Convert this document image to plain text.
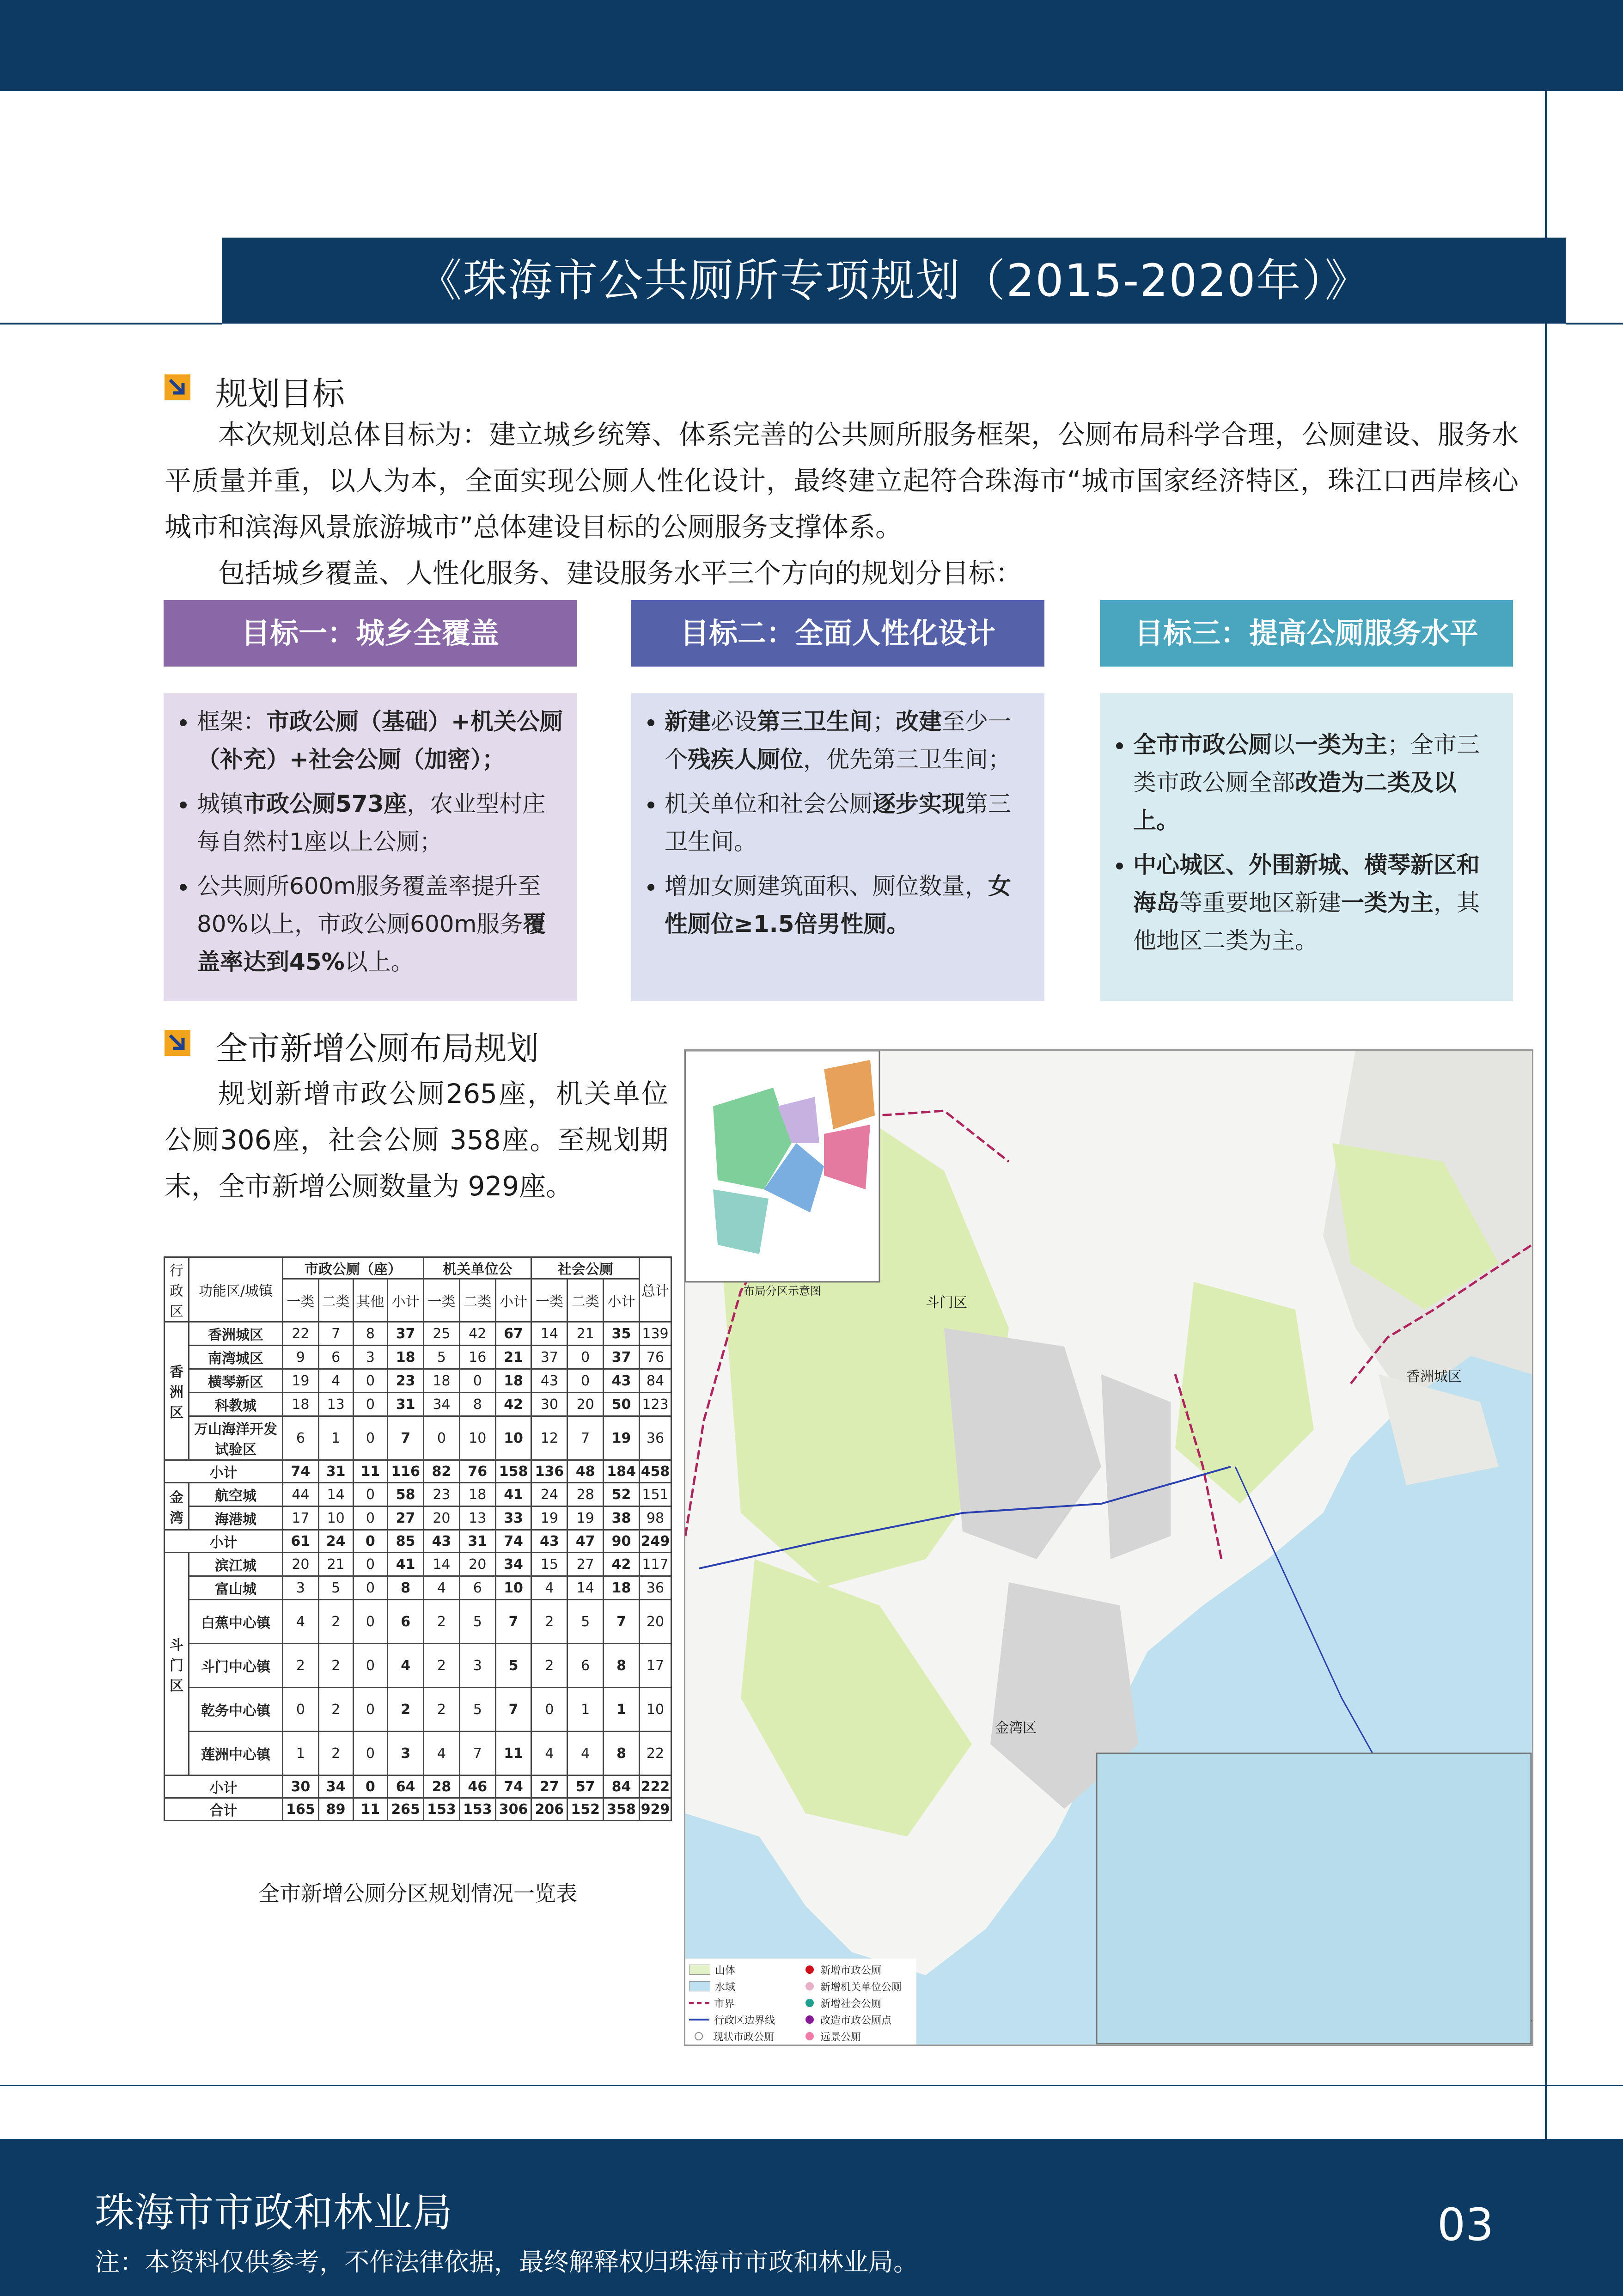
《珠海市公共厕所专项规划（2015-2020年）》
规划目标
本次规划总体目标为：建立城乡统筹、体系完善的公共厕所服务框架，公厕布局科学合理，公厕建设、服务水平质量并重，以人为本，全面实现公厕人性化设计，最终建立起符合珠海市“城市国家经济特区，珠江口西岸核心城市和滨海风景旅游城市”总体建设目标的公厕服务支撑体系。
包括城乡覆盖、人性化服务、建设服务水平三个方向的规划分目标：
目标一：城乡全覆盖	目标二：全面人性化设计	目标三：提高公厕服务水平
• 框架：市政公厕（基础）+机关公厕（补充）+社会公厕（加密）；
• 城镇市政公厕573座，农业型村庄每自然村1座以上公厕；
• 公共厕所600m服务覆盖率提升至80%以上，市政公厕600m服务覆盖率达到45%以上。
• 新建必设第三卫生间；改建至少一个残疾人厕位，优先第三卫生间；
• 机关单位和社会公厕逐步实现第三卫生间。
• 增加女厕建筑面积、厕位数量，女性厕位≥1.5倍男性厕。
• 全市市政公厕以一类为主；全市三类市政公厕全部改造为二类及以上。
• 中心城区、外围新城、横琴新区和海岛等重要地区新建一类为主，其他地区二类为主。
全市新增公厕布局规划
规划新增市政公厕265座，机关单位公厕306座，社会公厕 358座。至规划期末，全市新增公厕数量为 929座。
行政区	功能区/城镇	市政公厕（座）				机关单位公			社会公厕			总计
		一类	二类	其他	小计	一类	二类	小计	一类	二类	小计	
香洲区	香洲城区	22	7	8	37	25	42	67	14	21	35	139
	南湾城区	9	6	3	18	5	16	21	37	0	37	76
	横琴新区	19	4	0	23	18	0	18	43	0	43	84
	科教城	18	13	0	31	34	8	42	30	20	50	123
	万山海洋开发试验区	6	1	0	7	0	10	10	12	7	19	36
小计		74	31	11	116	82	76	158	136	48	184	458
金湾	航空城	44	14	0	58	23	18	41	24	28	52	151
	海港城	17	10	0	27	20	13	33	19	19	38	98
小计		61	24	0	85	43	31	74	43	47	90	249
斗门区	滨江城	20	21	0	41	14	20	34	15	27	42	117
	富山城	3	5	0	8	4	6	10	4	14	18	36
	白蕉中心镇	4	2	0	6	2	5	7	2	5	7	20
	斗门中心镇	2	2	0	4	2	3	5	2	6	8	17
	乾务中心镇	0	2	0	2	2	5	7	0	1	1	10
	莲洲中心镇	1	2	0	3	4	7	11	4	4	8	22
小计		30	34	0	64	28	46	74	27	57	84	222
合计		165	89	11	265	153	153	306	206	152	358	929
全市新增公厕分区规划情况一览表
布局分区示意图
斗门区
香洲城区
金湾区
山体
水域
市界
行政区边界线
现状市政公厕
新增市政公厕
新增机关单位公厕
新增社会公厕
改造市政公厕点
远景公厕
珠海市市政和林业局
注：本资料仅供参考，不作法律依据，最终解释权归珠海市市政和林业局。
03
